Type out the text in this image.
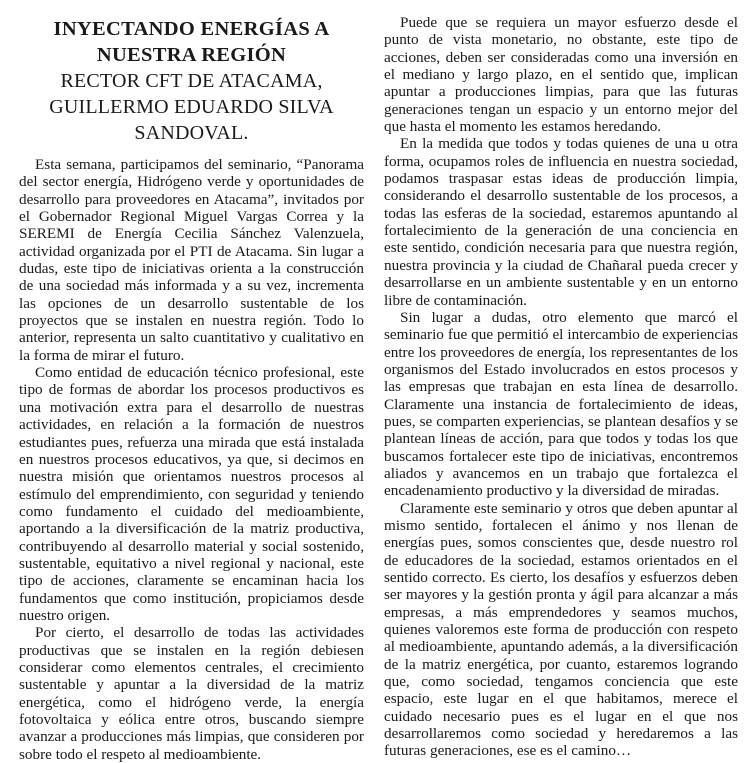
INYECTANDO ENERGÍAS A
NUESTRA REGIÓN
RECTOR CFT DE ATACAMA,
GUILLERMO EDUARDO SILVA
SANDOVAL.

Esta semana, participamos del seminario, “Panorama del sector energía, Hidrógeno verde y oportunidades de desarrollo para proveedores en Atacama”, invitados por el Gobernador Regional Miguel Vargas Correa y la SEREMI de Energía Cecilia Sánchez Valenzuela, actividad organizada por el PTI de Atacama. Sin lugar a dudas, este tipo de iniciativas orienta a la construcción de una sociedad más informada y a su vez, incrementa las opciones de un desarrollo sustentable de los proyectos que se instalen en nuestra región. Todo lo anterior, representa un salto cuantitativo y cualitativo en la forma de mirar el futuro.

Como entidad de educación técnico profesional, este tipo de formas de abordar los procesos productivos es una motivación extra para el desarrollo de nuestras actividades, en relación a la formación de nuestros estudiantes pues, refuerza una mirada que está instalada en nuestros procesos educativos, ya que, si decimos en nuestra misión que orientamos nuestros procesos al estímulo del emprendimiento, con seguridad y teniendo como fundamento el cuidado del medioambiente, aportando a la diversificación de la matriz productiva, contribuyendo al desarrollo material y social sostenido, sustentable, equitativo a nivel regional y nacional, este tipo de acciones, claramente se encaminan hacia los fundamentos que como institución, propiciamos desde nuestro origen.

Por cierto, el desarrollo de todas las actividades productivas que se instalen en la región debiesen considerar como elementos centrales, el crecimiento sustentable y apuntar a la diversidad de la matriz energética, como el hidrógeno verde, la energía fotovoltaica y eólica entre otros, buscando siempre avanzar a producciones más limpias, que consideren por sobre todo el respeto al medioambiente.

Puede que se requiera un mayor esfuerzo desde el punto de vista monetario, no obstante, este tipo de acciones, deben ser consideradas como una inversión en el mediano y largo plazo, en el sentido que, implican apuntar a producciones limpias, para que las futuras generaciones tengan un espacio y un entorno mejor del que hasta el momento les estamos heredando.

En la medida que todos y todas quienes de una u otra forma, ocupamos roles de influencia en nuestra sociedad, podamos traspasar estas ideas de producción limpia, considerando el desarrollo sustentable de los procesos, a todas las esferas de la sociedad, estaremos apuntando al fortalecimiento de la generación de una conciencia en este sentido, condición necesaria para que nuestra región, nuestra provincia y la ciudad de Chañaral pueda crecer y desarrollarse en un ambiente sustentable y en un entorno libre de contaminación.

Sin lugar a dudas, otro elemento que marcó el seminario fue que permitió el intercambio de experiencias entre los proveedores de energía, los representantes de los organismos del Estado involucrados en estos procesos y las empresas que trabajan en esta línea de desarrollo. Claramente una instancia de fortalecimiento de ideas, pues, se comparten experiencias, se plantean desafíos y se plantean líneas de acción, para que todos y todas los que buscamos fortalecer este tipo de iniciativas, encontremos aliados y avancemos en un trabajo que fortalezca el encadenamiento productivo y la diversidad de miradas.

Claramente este seminario y otros que deben apuntar al mismo sentido, fortalecen el ánimo y nos llenan de energías pues, somos conscientes que, desde nuestro rol de educadores de la sociedad, estamos orientados en el sentido correcto. Es cierto, los desafíos y esfuerzos deben ser mayores y la gestión pronta y ágil para alcanzar a más empresas, a más emprendedores y seamos muchos, quienes valoremos este forma de producción con respeto al medioambiente, apuntando además, a la diversificación de la matriz energética, por cuanto, estaremos logrando que, como sociedad, tengamos conciencia que este espacio, este lugar en el que habitamos, merece el cuidado necesario pues es el lugar en el que nos desarrollaremos como sociedad y heredaremos a las futuras generaciones, ese es el camino…
